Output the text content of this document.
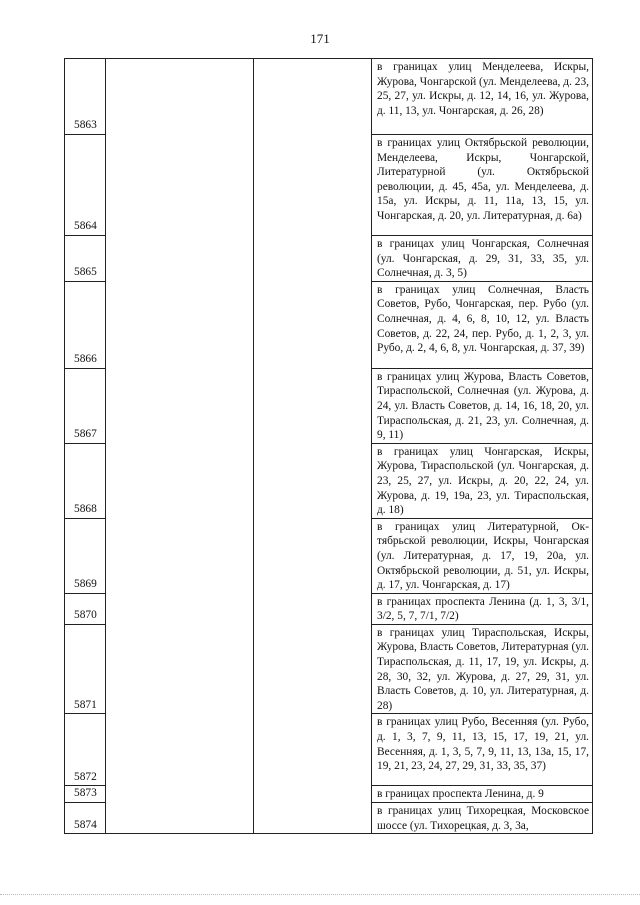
171
5863			в границах улиц Менделеева, Искры, Журова, Чонгарской (ул. Менделеева, д. 23, 25, 27, ул. Искры, д. 12, 14, 16, ул. Журова, д. 11, 13, ул. Чонгарская, д. 26, 28)

5864			в границах улиц Октябрьской революции, Менделеева, Искры, Чонгарской, Литературной (ул. Октябрьской революции, д. 45, 45а, ул. Менделеева, д. 15а, ул. Искры, д. 11, 11а, 13, 15, ул. Чонгарская, д. 20, ул. Литературная, д. 6а)

5865			в границах улиц Чонгарская, Солнечная (ул. Чонгарская, д. 29, 31, 33, 35, ул. Солнечная, д. 3, 5)

5866			в границах улиц Солнечная, Власть Советов, Рубо, Чонгарская, пер. Рубо (ул. Солнечная, д. 4, 6, 8, 10, 12, ул. Власть Советов, д. 22, 24, пер. Рубо, д. 1, 2, 3, ул. Рубо, д. 2, 4, 6, 8, ул. Чонгарская, д. 37, 39)

5867			в границах улиц Журова, Власть Советов, Тираспольской, Солнечная (ул. Журова, д. 24, ул. Власть Советов, д. 14, 16, 18, 20, ул. Тираспольская, д. 21, 23, ул. Солнечная, д. 9, 11)

5868			в границах улиц Чонгарская, Искры, Журова, Тираспольской (ул. Чонгарская, д. 23, 25, 27, ул. Искры, д. 20, 22, 24, ул. Журова, д. 19, 19а, 23, ул. Тираспольская, д. 18)

5869			в границах улиц Литературной, Октябрьской революции, Искры, Чонгарская (ул. Литературная, д. 17, 19, 20а, ул. Октябрьской революции, д. 51, ул. Искры, д. 17, ул. Чонгарская, д. 17)

5870			в границах проспекта Ленина (д. 1, 3, 3/1, 3/2, 5, 7, 7/1, 7/2)

5871			в границах улиц Тираспольская, Искры, Журова, Власть Советов, Литературная (ул. Тираспольская, д. 11, 17, 19, ул. Искры, д. 28, 30, 32, ул. Журова, д. 27, 29, 31, ул. Власть Советов, д. 10, ул. Литературная, д. 28)

5872			в границах улиц Рубо, Весенняя (ул. Рубо, д. 1, 3, 7, 9, 11, 13, 15, 17, 19, 21, ул. Весенняя, д. 1, 3, 5, 7, 9, 11, 13, 13а, 15, 17, 19, 21, 23, 24, 27, 29, 31, 33, 35, 37)

5873			в границах проспекта Ленина, д. 9

5874			в границах улиц Тихорецкая, Московское шоссе (ул. Тихорецкая, д. 3, 3а,
